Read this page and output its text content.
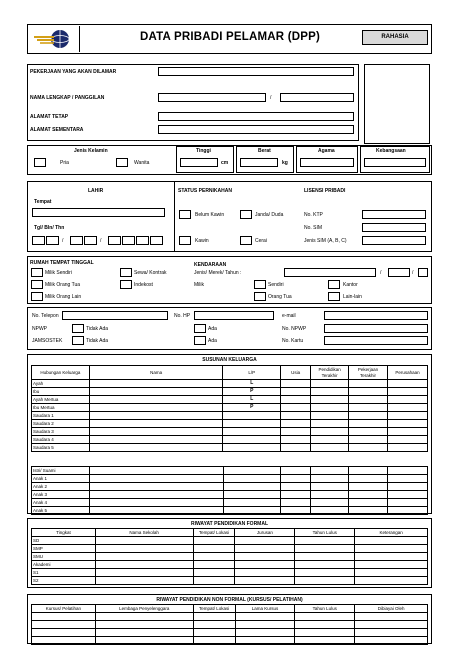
DATA PRIBADI PELAMAR (DPP)	RAHASIA
PEKERJAAN YANG AKAN DILAMAR
NAMA LENGKAP / PANGGILAN	/
ALAMAT TETAP
ALAMAT SEMENTARA
Jenis Kelamin
Pria	Wanita
Tinggi
cm
Berat
kg
Agama	Kebangsaan
LAHIR
Tempat
Tgl/ Bln/ Thn
/	/
STATUS PERNIKAHAN
Belum Kawin	Janda/ Duda
Kawin	Cerai
LISENSI PRIBADI
No. KTP
No. SIM
Jenis SIM (A, B, C)
RUMAH TEMPAT TINGGAL
Milik Sendiri	Sewa/ Kontrak
Milik Orang Tua	Indekost
Milik Orang Lain
KENDARAAN
Jenis/ Merek/ Tahun :	/	/
Milik	Sendiri	Kantor
Orang Tua	Lain-lain
No. Telepon	No. HP	e-mail
NPWP	Tidak Ada	Ada	No. NPWP
JAMSOSTEK	Tidak Ada	Ada	No. Kartu
SUSUNAN KELUARGA
Hubungan Keluarga	Nama	L/P	Usia	Pendidikan Terakhir	Pekerjaan Terakhir	Perusahaan
Ayah		L				
Ibu		P				
Ayah Mertua		L				
Ibu Mertua		P				
Saudara 1						
Saudara 2						
Saudara 3						
Saudara 4						
Saudara 5						
Istri/ Suami						
Anak 1						
Anak 2						
Anak 3						
Anak 4						
Anak 5						
RIWAYAT PENDIDIKAN FORMAL
Tingkat	Nama Sekolah	Tempat/ Lokasi	Jurusan	Tahun Lulus	Keterangan
SD					
SMP					
SMU					
Akademi					
S1					
S2					
RIWAYAT PENDIDIKAN NON FORMAL (KURSUS/ PELATIHAN)
Kursus/ Pelatihan	Lembaga Penyelenggara	Tempat/ Lokasi	Lama Kursus	Tahun Lulus	Dibiayai Oleh
